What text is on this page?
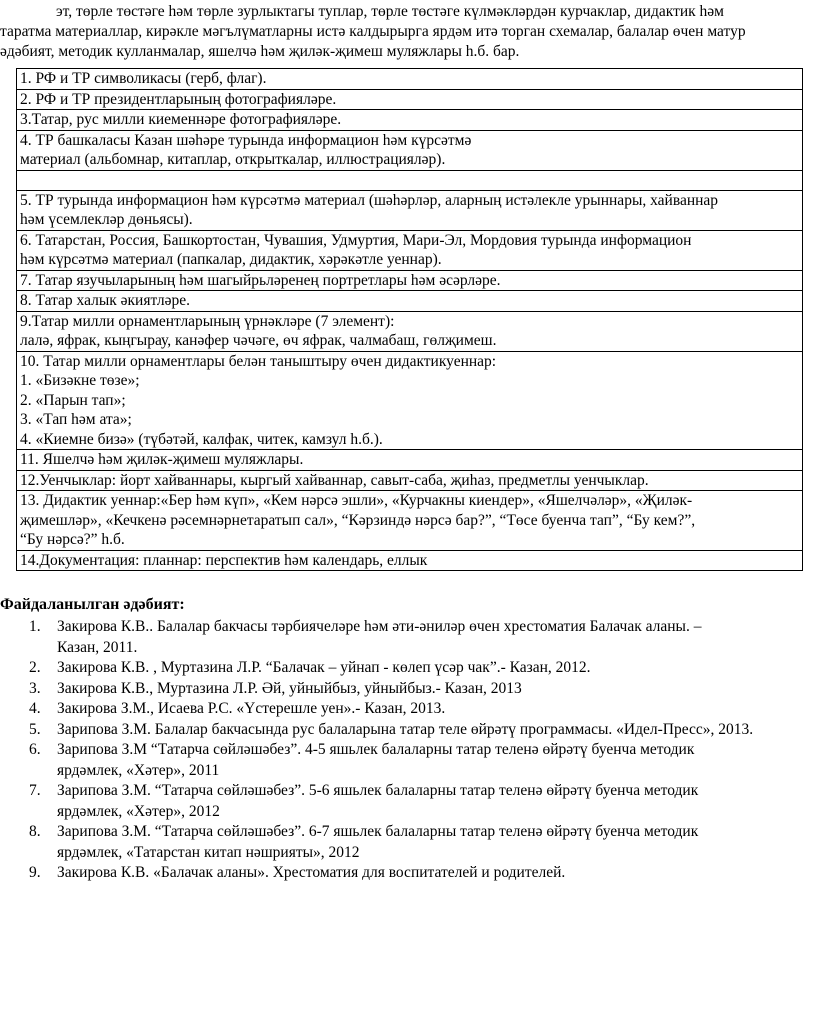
эт, төрле төстәге һәм төрле зурлыктагы туплар, төрле төстәге күлмәкләрдән курчаклар, дидактик һәм
таратма материаллар, кирәкле мәгълүматларны истә калдырырга ярдәм итә торган схемалар, балалар өчен матур
әдәбият, методик кулланмалар, яшелчә һәм җиләк-җимеш муляжлары һ.б. бар.
1. РФ и ТР символикасы (герб, флаг).

2. РФ и ТР президентларының фотографияләре.

3.Татар, рус милли киеменнәре фотографияләре.

4. ТР башкаласы Казан шәһәре турында информацион һәм күрсәтмә
материал (альбомнар, китаплар, открыткалар, иллюстрацияләр).

5. ТР турында информацион һәм күрсәтмә материал (шәһәрләр, аларның истәлекле урыннары, хайваннар
һәм үсемлекләр дөньясы).

6. Татарстан, Россия, Башкортостан, Чувашия, Удмуртия, Мари-Эл, Мордовия турында информацион
һәм күрсәтмә материал (папкалар, дидактик, хәрәкәтле уеннар).

7. Татар язучыларының һәм шагыйрьләренең портретлары һәм әсәрләре.

8. Татар халык әкиятләре.

9.Татар милли орнаментларының үрнәкләре (7 элемент):
лалә, яфрак, кыңгырау, канәфер чәчәге, өч яфрак, чалмабаш, гөлҗимеш.

10. Татар милли орнаментлары белән таныштыру өчен дидактикуеннар:
1. «Бизәкне төзе»;
2. «Парын тап»;
3. «Тап һәм ата»;
4. «Киемне бизә» (түбәтәй, калфак, читек, камзул һ.б.).

11. Яшелчә һәм җиләк-җимеш муляжлары.

12.Уенчыклар: йорт хайваннары, кыргый хайваннар, савыт-саба, җиһаз, предметлы уенчыклар.

13. Дидактик уеннар:«Бер һәм күп», «Кем нәрсә эшли», «Курчакны киендер», «Яшелчәләр», «Җиләк-
җимешләр», «Кечкенә рәсемнәрнетаратып сал», “Кәрзиндә нәрсә бар?”, “Төсе буенча тап”, “Бу кем?”,
“Бу нәрсә?” һ.б.

14.Документация: планнар: перспектив һәм календарь, еллык
Файдаланылган әдәбият:
1. Закирова К.В.. Балалар бакчасы тәрбиячеләре һәм әти-әниләр өчен хрестоматия Балачак аланы. –
Казан, 2011.
2. Закирова К.В. , Муртазина Л.Р. “Балачак – уйнап - көлеп үсәр чак”.- Казан, 2012.
3. Закирова К.В., Муртазина Л.Р. Әй, уйныйбыз, уйныйбыз.- Казан, 2013
4. Закирова З.М., Исаева Р.С. «Үстерешле уен».- Казан, 2013.
5. Зарипова З.М. Балалар бакчасында рус балаларына татар теле өйрәтү программасы. «Идел-Пресс», 2013.
6. Зарипова З.М “Татарча сөйләшәбез”. 4-5 яшьлек балаларны татар теленә өйрәтү буенча методик
ярдәмлек, «Хәтер», 2011
7. Зарипова З.М. “Татарча сөйләшәбез”. 5-6 яшьлек балаларны татар теленә өйрәтү буенча методик
ярдәмлек, «Хәтер», 2012
8. Зарипова З.М. “Татарча сөйләшәбез”. 6-7 яшьлек балаларны татар теленә өйрәтү буенча методик
ярдәмлек, «Татарстан китап нәшрияты», 2012
9. Закирова К.В. «Балачак аланы». Хрестоматия для воспитателей и родителей.
